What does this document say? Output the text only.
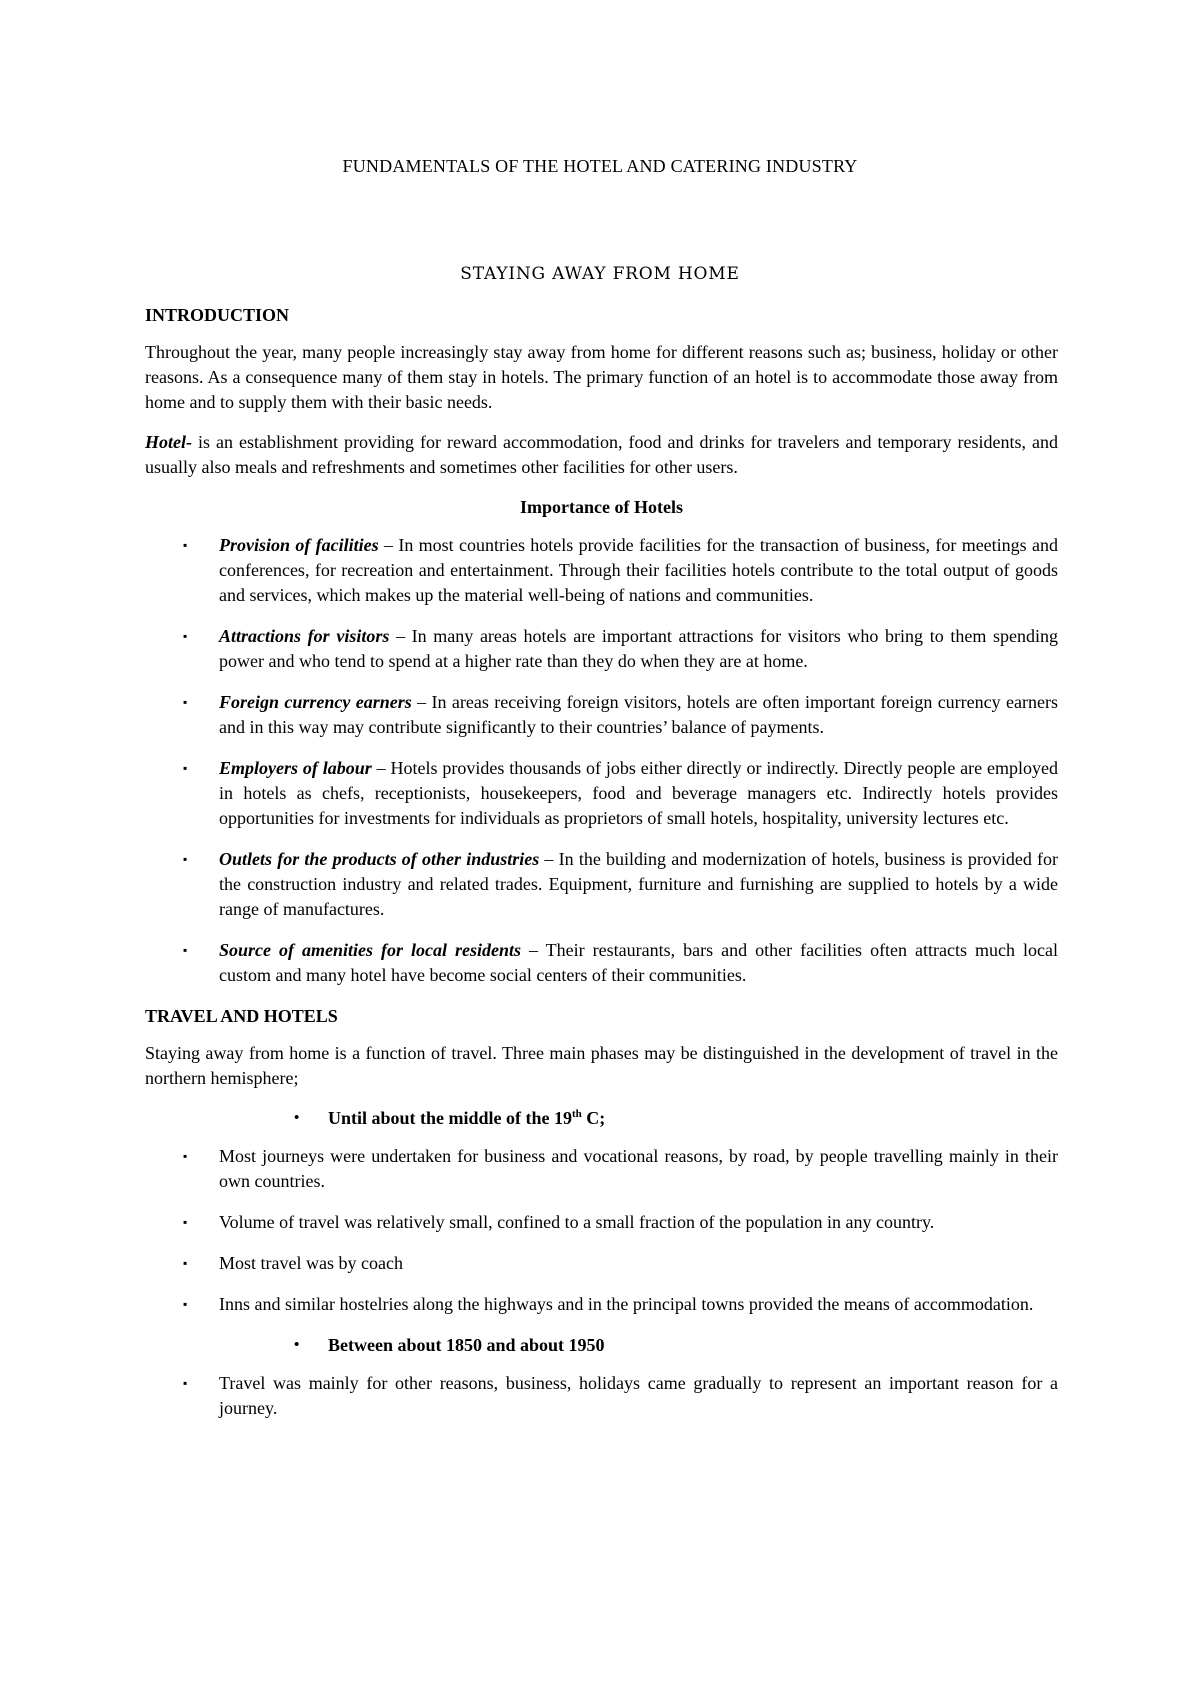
FUNDAMENTALS OF THE HOTEL AND CATERING INDUSTRY
STAYING AWAY FROM HOME
INTRODUCTION

Throughout the year, many people increasingly stay away from home for different reasons such as; business, holiday or other reasons. As a consequence many of them stay in hotels. The primary function of an hotel is to accommodate those away from home and to supply them with their basic needs.

Hotel- is an establishment providing for reward accommodation, food and drinks for travelers and temporary residents, and usually also meals and refreshments and sometimes other facilities for other users.

Importance of Hotels
▪ Provision of facilities – In most countries hotels provide facilities for the transaction of business, for meetings and conferences, for recreation and entertainment. Through their facilities hotels contribute to the total output of goods and services, which makes up the material well-being of nations and communities.
▪ Attractions for visitors – In many areas hotels are important attractions for visitors who bring to them spending power and who tend to spend at a higher rate than they do when they are at home.
▪ Foreign currency earners – In areas receiving foreign visitors, hotels are often important foreign currency earners and in this way may contribute significantly to their countries’ balance of payments.
▪ Employers of labour – Hotels provides thousands of jobs either directly or indirectly. Directly people are employed in hotels as chefs, receptionists, housekeepers, food and beverage managers etc. Indirectly hotels provides opportunities for investments for individuals as proprietors of small hotels, hospitality, university lectures etc.
▪ Outlets for the products of other industries – In the building and modernization of hotels, business is provided for the construction industry and related trades. Equipment, furniture and furnishing are supplied to hotels by a wide range of manufactures.
▪ Source of amenities for local residents – Their restaurants, bars and other facilities often attracts much local custom and many hotel have become social centers of their communities.
TRAVEL AND HOTELS

Staying away from home is a function of travel. Three main phases may be distinguished in the development of travel in the northern hemisphere;

• Until about the middle of the 19th C;
▪ Most journeys were undertaken for business and vocational reasons, by road, by people travelling mainly in their own countries.
▪ Volume of travel was relatively small, confined to a small fraction of the population in any country.
▪ Most travel was by coach
▪ Inns and similar hostelries along the highways and in the principal towns provided the means of accommodation.
• Between about 1850 and about 1950
▪ Travel was mainly for other reasons, business, holidays came gradually to represent an important reason for a journey.
